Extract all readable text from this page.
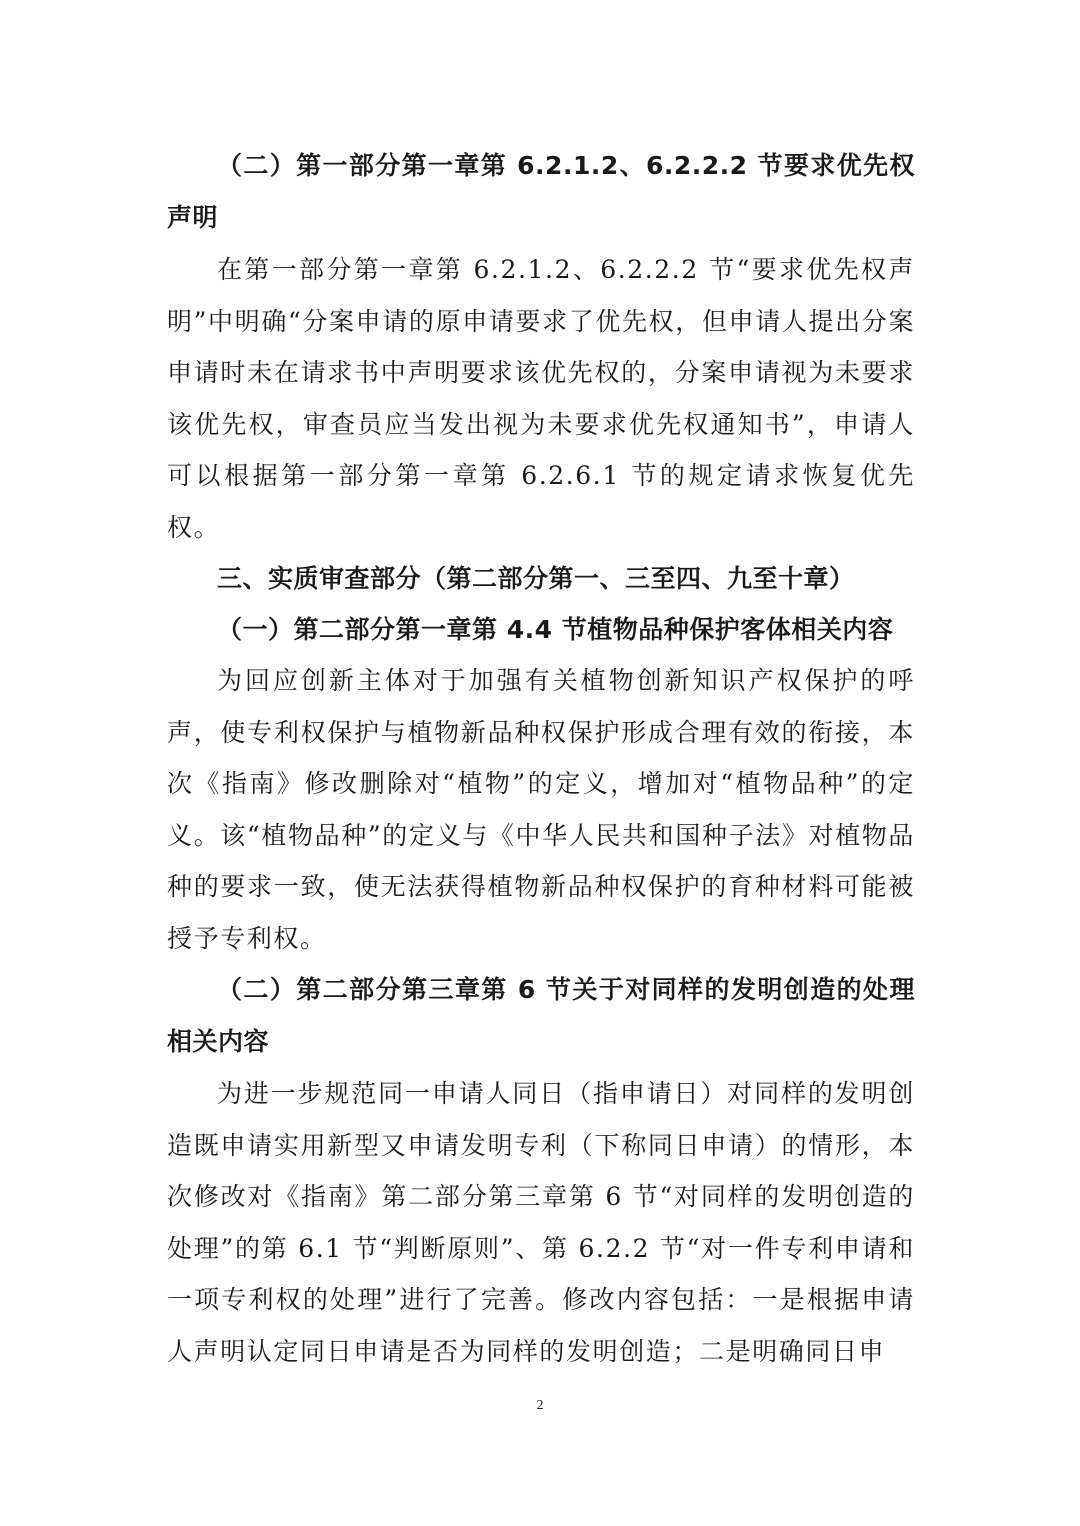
（二）第一部分第一章第 6.2.1.2、6.2.2.2 节要求优先权声明

在第一部分第一章第 6.2.1.2、6.2.2.2 节“要求优先权声明”中明确“分案申请的原申请要求了优先权，但申请人提出分案申请时未在请求书中声明要求该优先权的，分案申请视为未要求该优先权，审查员应当发出视为未要求优先权通知书”，申请人可以根据第一部分第一章第 6.2.6.1 节的规定请求恢复优先权。

三、实质审查部分（第二部分第一、三至四、九至十章）

（一）第二部分第一章第 4.4 节植物品种保护客体相关内容

为回应创新主体对于加强有关植物创新知识产权保护的呼声，使专利权保护与植物新品种权保护形成合理有效的衔接，本次《指南》修改删除对“植物”的定义，增加对“植物品种”的定义。该“植物品种”的定义与《中华人民共和国种子法》对植物品种的要求一致，使无法获得植物新品种权保护的育种材料可能被授予专利权。

（二）第二部分第三章第 6 节关于对同样的发明创造的处理相关内容

为进一步规范同一申请人同日（指申请日）对同样的发明创造既申请实用新型又申请发明专利（下称同日申请）的情形，本次修改对《指南》第二部分第三章第 6 节“对同样的发明创造的处理”的第 6.1 节“判断原则”、第 6.2.2 节“对一件专利申请和一项专利权的处理”进行了完善。修改内容包括：一是根据申请人声明认定同日申请是否为同样的发明创造；二是明确同日申

2
